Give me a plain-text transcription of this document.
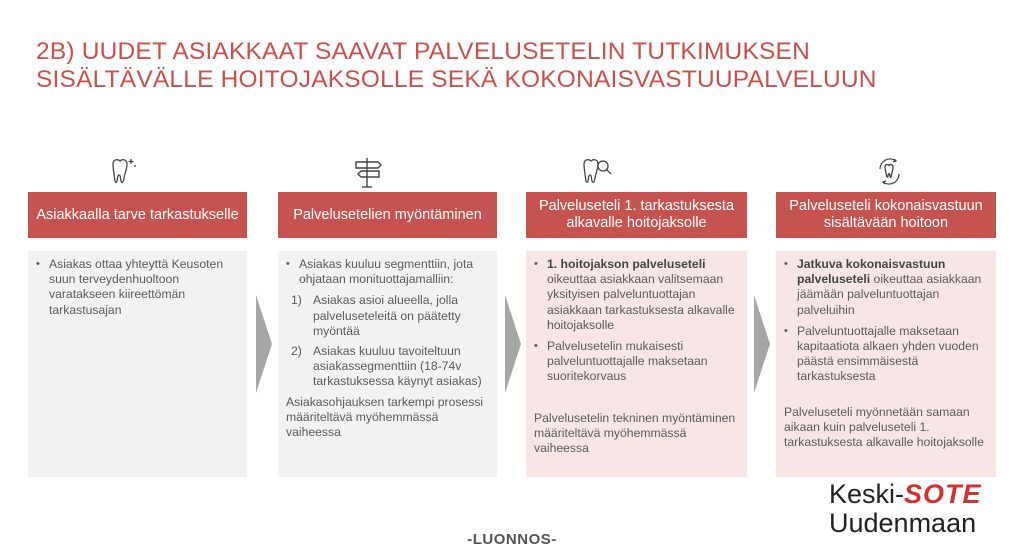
2B) UUDET ASIAKKAAT SAAVAT PALVELUSETELIN TUTKIMUKSEN
SISÄLTÄVÄLLE HOITOJAKSOLLE SEKÄ KOKONAISVASTUUPALVELUUN
Asiakkaalla tarve tarkastukselle
• Asiakas ottaa yhteyttä Keusoten suun terveydenhuoltoon varatakseen kiireettömän tarkastusajan
Palvelusetelien myöntäminen
• Asiakas kuuluu segmenttiin, jota ohjataan monituottajamalliin:
1) Asiakas asioi alueella, jolla palveluseteleitä on päätetty myöntää
2) Asiakas kuuluu tavoiteltuun asiakassegmenttiin (18-74v tarkastuksessa käynyt asiakas)
Asiakasohjauksen tarkempi prosessi määriteltävä myöhemmässä vaiheessa
Palveluseteli 1. tarkastuksesta alkavalle hoitojaksolle
• 1. hoitojakson palveluseteli oikeuttaa asiakkaan valitsemaan yksityisen palveluntuottajan asiakkaan tarkastuksesta alkavalle hoitojaksolle
• Palvelusetelin mukaisesti palveluntuottajalle maksetaan suoritekorvaus
Palvelusetelin tekninen myöntäminen määriteltävä myöhemmässä vaiheessa
Palveluseteli kokonaisvastuun sisältävään hoitoon
• Jatkuva kokonaisvastuun palveluseteli oikeuttaa asiakkaan jäämään palveluntuottajan palveluihin
• Palveluntuottajalle maksetaan kapitaatiota alkaen yhden vuoden päästä ensimmäisestä tarkastuksesta
Palveluseteli myönnetään samaan aikaan kuin palveluseteli 1. tarkastuksesta alkavalle hoitojaksolle
-LUONNOS-
Keski-SOTE
Uudenmaan
